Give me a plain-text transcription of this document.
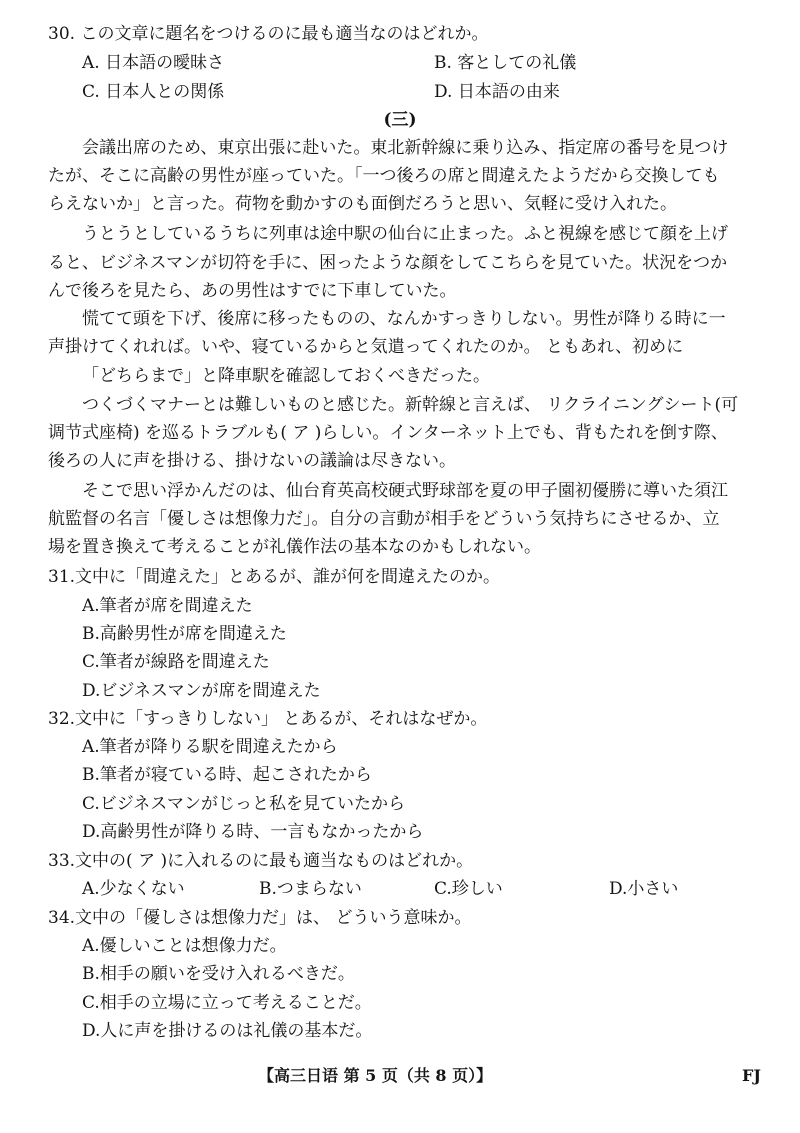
30. この文章に題名をつけるのに最も適当なのはどれか。
A. 日本語の曖昧さ	B. 客としての礼儀
C. 日本人との関係	D. 日本語の由来
(三)
会議出席のため、東京出張に赴いた。東北新幹線に乗り込み、指定席の番号を見つけ
たが、そこに高齢の男性が座っていた。「一つ後ろの席と間違えたようだから交換しても
らえないか」と言った。荷物を動かすのも面倒だろうと思い、気軽に受け入れた。
うとうとしているうちに列車は途中駅の仙台に止まった。ふと視線を感じて顔を上げ
ると、ビジネスマンが切符を手に、困ったような顔をしてこちらを見ていた。状況をつか
んで後ろを見たら、あの男性はすでに下車していた。
慌てて頭を下げ、後席に移ったものの、なんかすっきりしない。男性が降りる時に一
声掛けてくれれば。いや、寝ているからと気遣ってくれたのか。 ともあれ、初めに
「どちらまで」と降車駅を確認しておくべきだった。
つくづくマナーとは難しいものと感じた。新幹線と言えば、 リクライニングシート(可
调节式座椅) を巡るトラブルも( ア )らしい。インターネット上でも、背もたれを倒す際、
後ろの人に声を掛ける、掛けないの議論は尽きない。
そこで思い浮かんだのは、仙台育英高校硬式野球部を夏の甲子園初優勝に導いた須江
航監督の名言「優しさは想像力だ」。自分の言動が相手をどういう気持ちにさせるか、立
場を置き換えて考えることが礼儀作法の基本なのかもしれない。
31.文中に「間違えた」とあるが、誰が何を間違えたのか。
A.筆者が席を間違えた
B.高齢男性が席を間違えた
C.筆者が線路を間違えた
D.ビジネスマンが席を間違えた
32.文中に「すっきりしない」 とあるが、それはなぜか。
A.筆者が降りる駅を間違えたから
B.筆者が寝ている時、起こされたから
C.ビジネスマンがじっと私を見ていたから
D.高齢男性が降りる時、一言もなかったから
33.文中の( ア )に入れるのに最も適当なものはどれか。
A.少なくない	B.つまらない	C.珍しい	D.小さい
34.文中の「優しさは想像力だ」は、 どういう意味か。
A.優しいことは想像力だ。
B.相手の願いを受け入れるべきだ。
C.相手の立場に立って考えることだ。
D.人に声を掛けるのは礼儀の基本だ。
【高三日语 第 5 页（共 8 页）】	FJ
